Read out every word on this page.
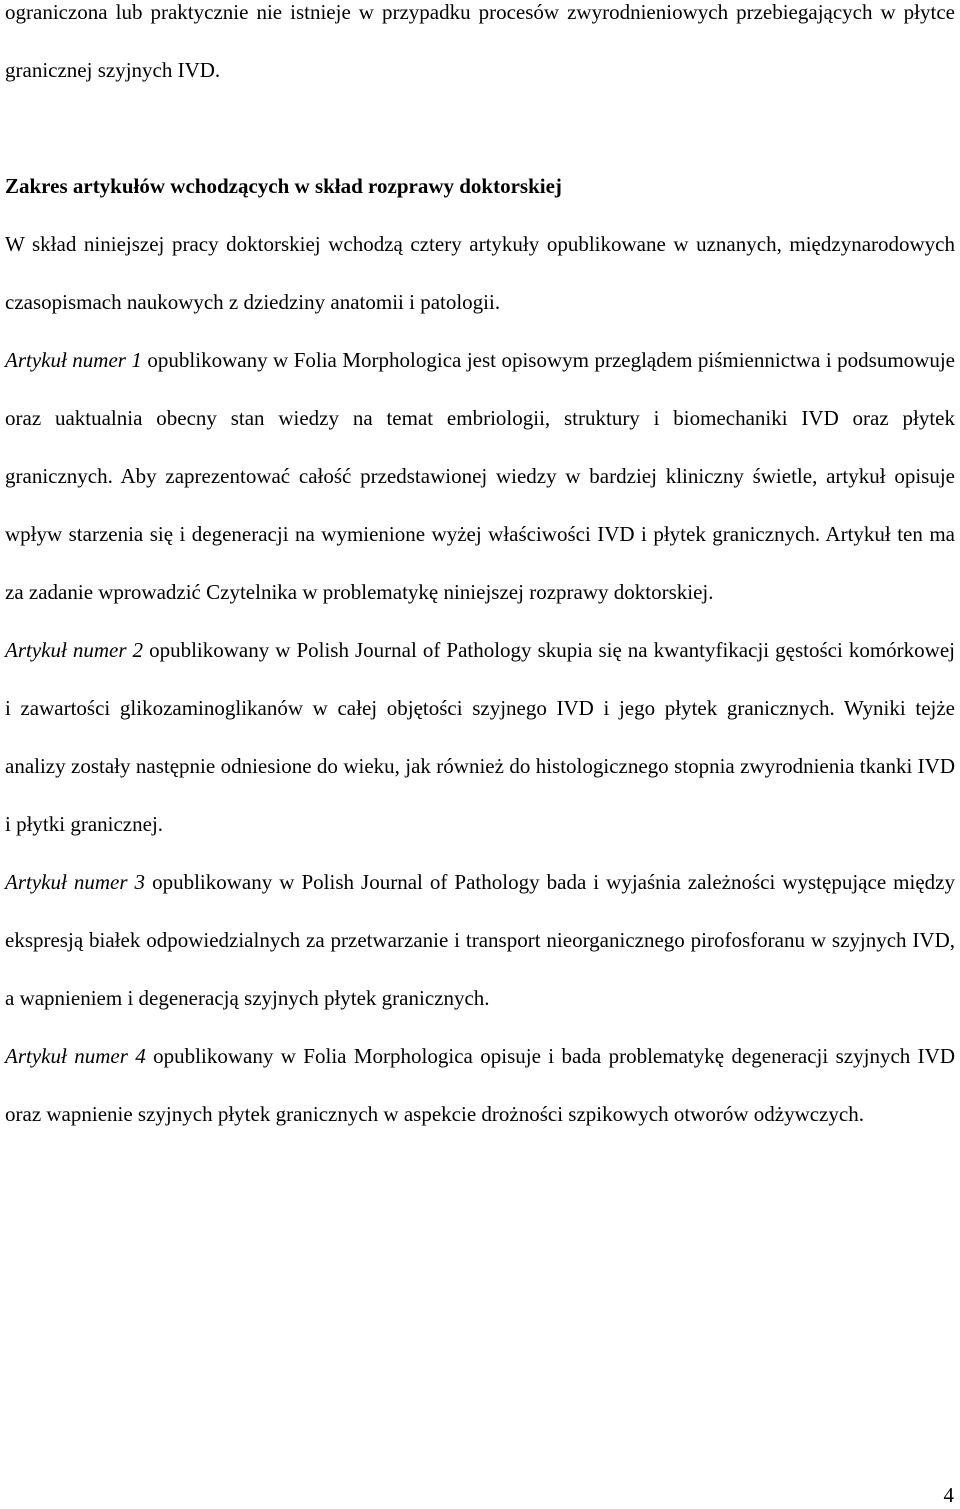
ograniczona lub praktycznie nie istnieje w przypadku procesów zwyrodnieniowych przebiegających w płytce granicznej szyjnych IVD.

Zakres artykułów wchodzących w skład rozprawy doktorskiej

W skład niniejszej pracy doktorskiej wchodzą cztery artykuły opublikowane w uznanych, międzynarodowych czasopismach naukowych z dziedziny anatomii i patologii.

Artykuł numer 1 opublikowany w Folia Morphologica jest opisowym przeglądem piśmiennictwa i podsumowuje oraz uaktualnia obecny stan wiedzy na temat embriologii, struktury i biomechaniki IVD oraz płytek granicznych. Aby zaprezentować całość przedstawionej wiedzy w bardziej kliniczny świetle, artykuł opisuje wpływ starzenia się i degeneracji na wymienione wyżej właściwości IVD i płytek granicznych. Artykuł ten ma za zadanie wprowadzić Czytelnika w problematykę niniejszej rozprawy doktorskiej.

Artykuł numer 2 opublikowany w Polish Journal of Pathology skupia się na kwantyfikacji gęstości komórkowej i zawartości glikozaminoglikanów w całej objętości szyjnego IVD i jego płytek granicznych. Wyniki tejże analizy zostały następnie odniesione do wieku, jak również do histologicznego stopnia zwyrodnienia tkanki IVD i płytki granicznej.

Artykuł numer 3 opublikowany w Polish Journal of Pathology bada i wyjaśnia zależności występujące między ekspresją białek odpowiedzialnych za przetwarzanie i transport nieorganicznego pirofosforanu w szyjnych IVD, a wapnieniem i degeneracją szyjnych płytek granicznych.

Artykuł numer 4 opublikowany w Folia Morphologica opisuje i bada problematykę degeneracji szyjnych IVD oraz wapnienie szyjnych płytek granicznych w aspekcie drożności szpikowych otworów odżywczych.

4
